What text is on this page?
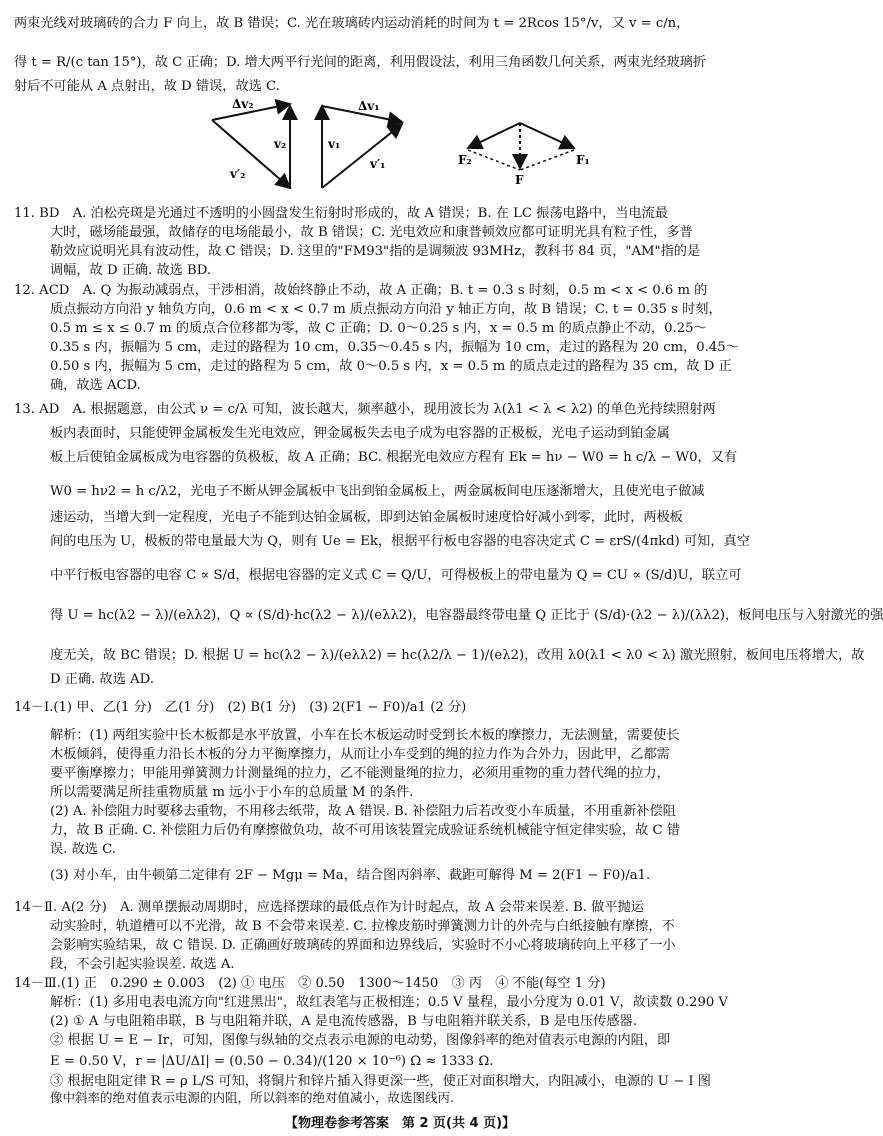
两束光线对玻璃砖的合力 F 向上，故 B 错误；C. 光在玻璃砖内运动消耗的时间为 t = 2Rcos 15°/v，又 v = c/n，
得 t = R/(c tan 15°)，故 C 正确；D. 增大两平行光间的距离，利用假设法，利用三角函数几何关系，两束光经玻璃折
射后不可能从 A 点射出，故 D 错误，故选 C.
Δv₂
v₂
v′₂
v₁
Δv₁
v′₁	F₂	F₁
F
11. BD　A. 泊松亮斑是光通过不透明的小圆盘发生衍射时形成的，故 A 错误；B. 在 LC 振荡电路中，当电流最
大时，磁场能最强，故储存的电场能最小，故 B 错误；C. 光电效应和康普顿效应都可证明光具有粒子性，多普
勒效应说明光具有波动性，故 C 错误；D. 这里的"FM93"指的是调频波 93MHz，教科书 84 页，"AM"指的是
调幅，故 D 正确. 故选 BD.
12. ACD　A. Q 为振动减弱点，干涉相消，故始终静止不动，故 A 正确；B. t = 0.3 s 时刻，0.5 m < x < 0.6 m 的
质点振动方向沿 y 轴负方向，0.6 m < x < 0.7 m 质点振动方向沿 y 轴正方向，故 B 错误；C. t = 0.35 s 时刻，
0.5 m ≤ x ≤ 0.7 m 的质点合位移都为零，故 C 正确；D. 0～0.25 s 内，x = 0.5 m 的质点静止不动，0.25～
0.35 s 内，振幅为 5 cm，走过的路程为 10 cm，0.35～0.45 s 内，振幅为 10 cm，走过的路程为 20 cm，0.45～
0.50 s 内，振幅为 5 cm，走过的路程为 5 cm，故 0～0.5 s 内，x = 0.5 m 的质点走过的路程为 35 cm，故 D 正
确，故选 ACD.
13. AD　A. 根据题意，由公式 ν = c/λ 可知，波长越大，频率越小，现用波长为 λ(λ1 < λ < λ2) 的单色光持续照射两
板内表面时，只能使钾金属板发生光电效应，钾金属板失去电子成为电容器的正极板，光电子运动到铂金属
板上后使铂金属板成为电容器的负极板，故 A 正确；BC. 根据光电效应方程有 Ek = hν − W0 = h c/λ − W0，又有
W0 = hν2 = h c/λ2，光电子不断从钾金属板中飞出到铂金属板上，两金属板间电压逐渐增大，且使光电子做减
速运动，当增大到一定程度，光电子不能到达铂金属板，即到达铂金属板时速度恰好减小到零，此时，两极板
间的电压为 U，极板的带电量最大为 Q，则有 Ue = Ek，根据平行板电容器的电容决定式 C = εrS/(4πkd) 可知，真空
中平行板电容器的电容 C ∝ S/d，根据电容器的定义式 C = Q/U，可得极板上的带电量为 Q = CU ∝ (S/d)U，联立可
得 U = hc(λ2 − λ)/(eλλ2)，Q ∝ (S/d)·hc(λ2 − λ)/(eλλ2)，电容器最终带电量 Q 正比于 (S/d)·(λ2 − λ)/(λλ2)，板间电压与入射激光的强
度无关，故 BC 错误；D. 根据 U = hc(λ2 − λ)/(eλλ2) = hc(λ2/λ − 1)/(eλ2)，改用 λ0(λ1 < λ0 < λ) 激光照射，板间电压将增大，故
D 正确. 故选 AD.
14－Ⅰ.(1) 甲、乙(1 分)　乙(1 分)　(2) B(1 分)　(3) 2(F1 − F0)/a1 (2 分)
解析：(1) 两组实验中长木板都是水平放置，小车在长木板运动时受到长木板的摩擦力，无法测量，需要使长
木板倾斜，使得重力沿长木板的分力平衡摩擦力，从而让小车受到的绳的拉力作为合外力，因此甲，乙都需
要平衡摩擦力；甲能用弹簧测力计测量绳的拉力，乙不能测量绳的拉力，必须用重物的重力替代绳的拉力，
所以需要满足所挂重物质量 m 远小于小车的总质量 M 的条件.
(2) A. 补偿阻力时要移去重物，不用移去纸带，故 A 错误. B. 补偿阻力后若改变小车质量，不用重新补偿阻
力，故 B 正确. C. 补偿阻力后仍有摩擦做负功，故不可用该装置完成验证系统机械能守恒定律实验，故 C 错
误. 故选 C.
(3) 对小车，由牛顿第二定律有 2F − Mgμ = Ma，结合图丙斜率、截距可解得 M = 2(F1 − F0)/a1.
14－Ⅱ. A(2 分)　A. 测单摆振动周期时，应选择摆球的最低点作为计时起点，故 A 会带来误差. B. 做平抛运
动实验时，轨道槽可以不光滑，故 B 不会带来误差. C. 拉橡皮筋时弹簧测力计的外壳与白纸接触有摩擦，不
会影响实验结果，故 C 错误. D. 正确画好玻璃砖的界面和边界线后，实验时不小心将玻璃砖向上平移了一小
段，不会引起实验误差. 故选 A.
14－Ⅲ.(1) 正　0.290 ± 0.003　(2) ① 电压　② 0.50　1300～1450　③ 丙　④ 不能(每空 1 分)
解析：(1) 多用电表电流方向"红进黑出"，故红表笔与正极相连；0.5 V 量程，最小分度为 0.01 V，故读数 0.290 V
(2) ① A 与电阻箱串联，B 与电阻箱并联，A 是电流传感器，B 与电阻箱并联关系，B 是电压传感器.
② 根据 U = E − Ir，可知，图像与纵轴的交点表示电源的电动势，图像斜率的绝对值表示电源的内阻，即
E = 0.50 V，r = |ΔU/ΔI| = (0.50 − 0.34)/(120 × 10⁻⁶) Ω ≈ 1333 Ω.
③ 根据电阻定律 R = ρ L/S 可知，将铜片和锌片插入得更深一些，使正对面积增大，内阻减小，电源的 U − I 图
像中斜率的绝对值表示电源的内阻，所以斜率的绝对值减小，故选图线丙.
【物理卷参考答案　第 2 页(共 4 页)】
